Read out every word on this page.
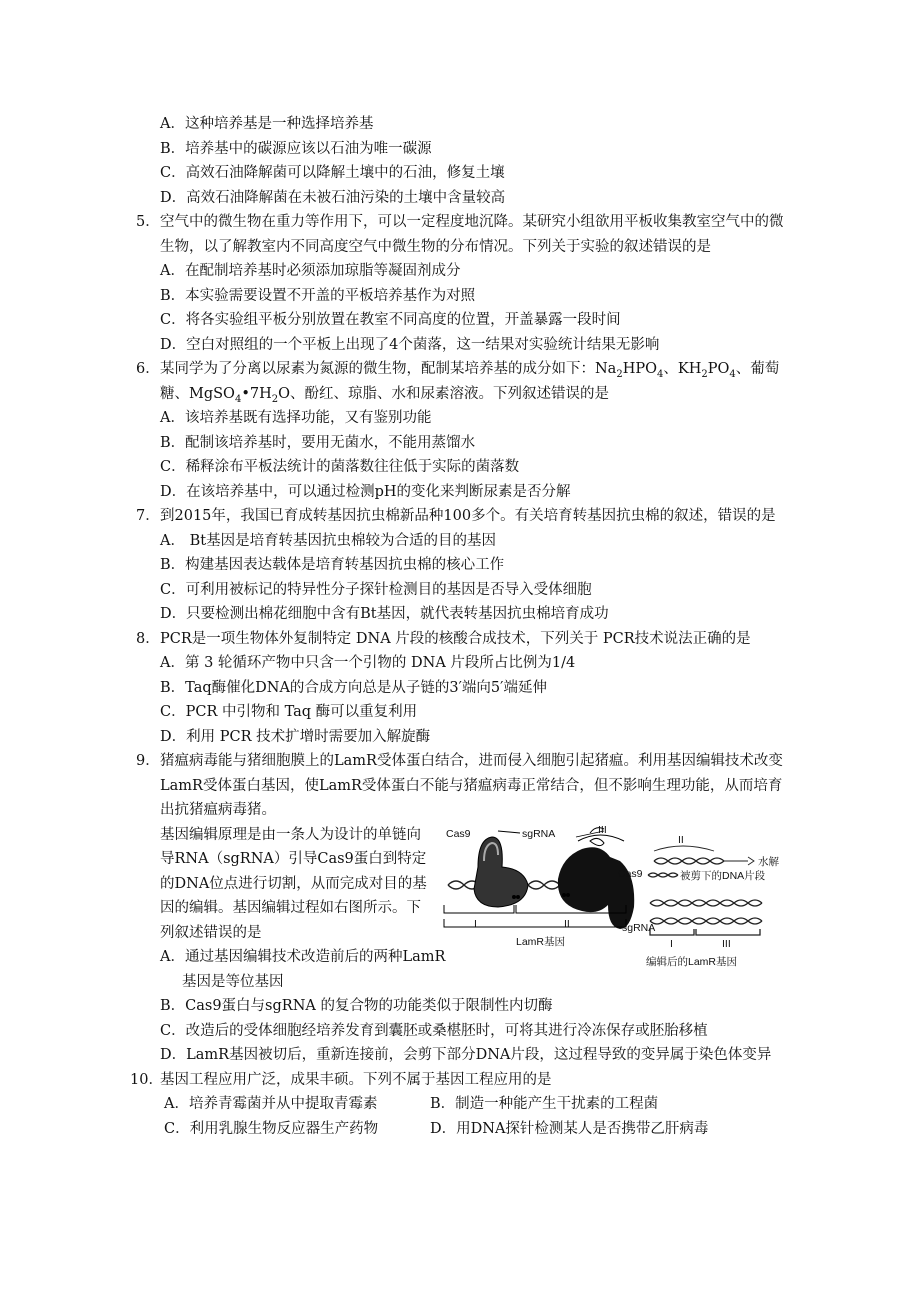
A．这种培养基是一种选择培养基
B．培养基中的碳源应该以石油为唯一碳源
C．高效石油降解菌可以降解土壤中的石油，修复土壤
D．高效石油降解菌在未被石油污染的土壤中含量较高
5．空气中的微生物在重力等作用下，可以一定程度地沉降。某研究小组欲用平板收集教室空气中的微生物，以了解教室内不同高度空气中微生物的分布情况。下列关于实验的叙述错误的是
A．在配制培养基时必须添加琼脂等凝固剂成分
B．本实验需要设置不开盖的平板培养基作为对照
C．将各实验组平板分别放置在教室不同高度的位置，开盖暴露一段时间
D．空白对照组的一个平板上出现了4个菌落，这一结果对实验统计结果无影响
6．某同学为了分离以尿素为氮源的微生物，配制某培养基的成分如下：$Na_2HPO_4$、$KH_2PO_4$、葡萄糖、$MgSO_4•7H_2O$、酚红、琼脂、水和尿素溶液。下列叙述错误的是
A．该培养基既有选择功能，又有鉴别功能
B．配制该培养基时，要用无菌水，不能用蒸馏水
C．稀释涂布平板法统计的菌落数往往低于实际的菌落数
D．在该培养基中，可以通过检测pH的变化来判断尿素是否分解
7．到2015年，我国已育成转基因抗虫棉新品种100多个。有关培育转基因抗虫棉的叙述，错误的是
A． Bt基因是培育转基因抗虫棉较为合适的目的基因
B．构建基因表达载体是培育转基因抗虫棉的核心工作
C．可利用被标记的特异性分子探针检测目的基因是否导入受体细胞
D．只要检测出棉花细胞中含有Bt基因，就代表转基因抗虫棉培育成功
8．PCR是一项生物体外复制特定 DNA 片段的核酸合成技术，下列关于 PCR技术说法正确的是
A．第 3 轮循环产物中只含一个引物的 DNA 片段所占比例为1/4
B．Taq酶催化DNA的合成方向总是从子链的3′端向5′端延伸
C．PCR 中引物和 Taq 酶可以重复利用
D．利用 PCR 技术扩增时需要加入解旋酶
9．猪瘟病毒能与猪细胞膜上的LamR受体蛋白结合，进而侵入细胞引起猪瘟。利用基因编辑技术改变LamR受体蛋白基因，使LamR受体蛋白不能与猪瘟病毒正常结合，但不影响生理功能，从而培育出抗猪瘟病毒猪。
基因编辑原理是由一条人为设计的单链向导RNA（sgRNA）引导Cas9蛋白到特定的DNA位点进行切割，从而完成对目的基因的编辑。基因编辑过程如右图所示。下列叙述错误的是
Cas9	sgRNA	III
II
水解
Cas9	被剪下的DNA片段
sgRNA
I	II
I	III
LamR基因
编辑后的LamR基因
A．通过基因编辑技术改造前后的两种LamR基因是等位基因
B．Cas9蛋白与sgRNA 的复合物的功能类似于限制性内切酶
C．改造后的受体细胞经培养发育到囊胚或桑椹胚时，可将其进行冷冻保存或胚胎移植
D．LamR基因被切后，重新连接前，会剪下部分DNA片段，这过程导致的变异属于染色体变异
10．基因工程应用广泛，成果丰硕。下列不属于基因工程应用的是
A．培养青霉菌并从中提取青霉素	B．制造一种能产生干扰素的工程菌
C．利用乳腺生物反应器生产药物	D．用DNA探针检测某人是否携带乙肝病毒
